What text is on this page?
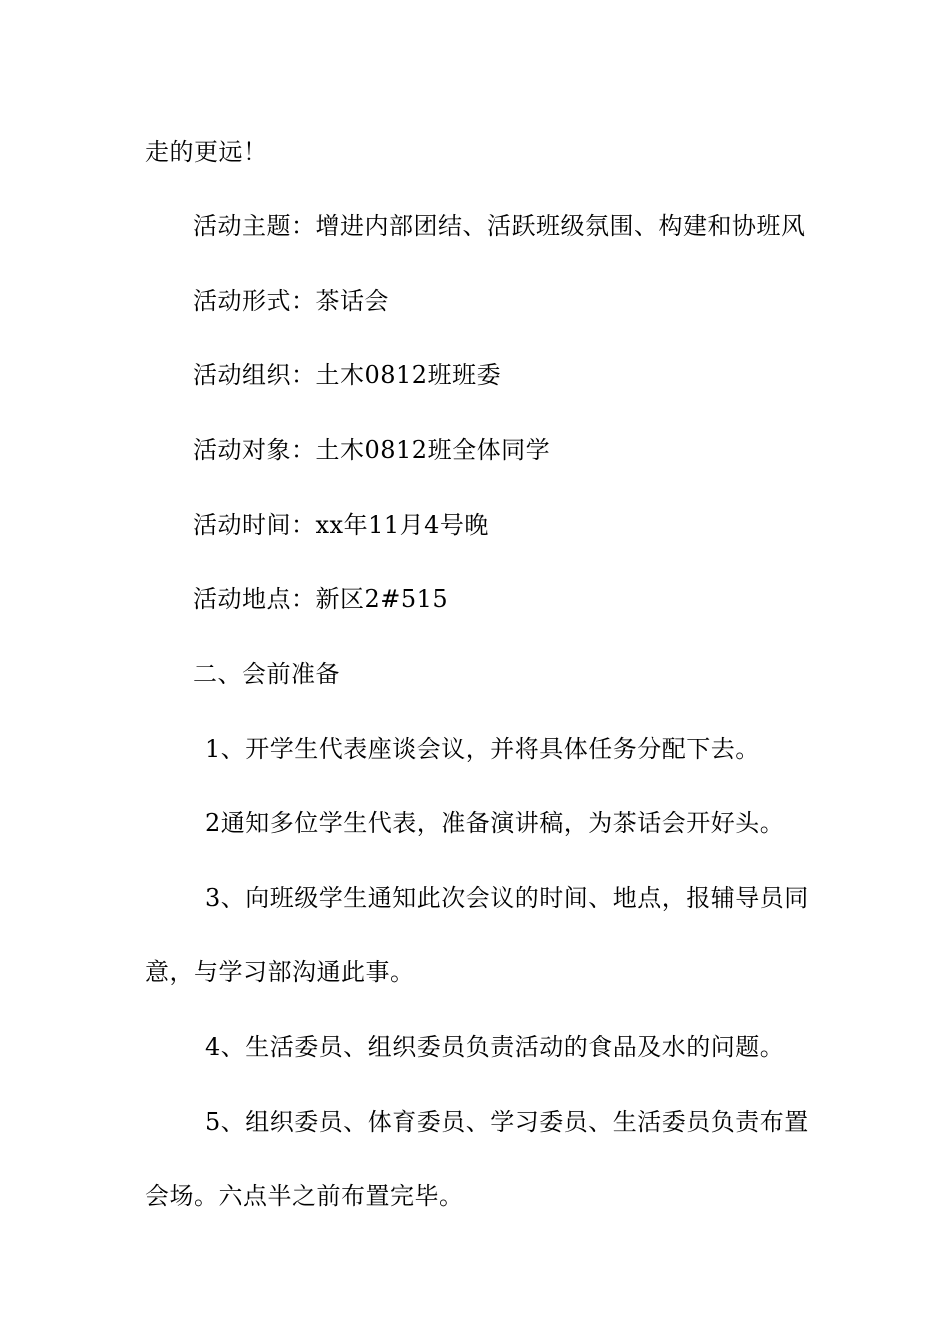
走的更远！
活动主题：增进内部团结、活跃班级氛围、构建和协班风
活动形式：茶话会
活动组织：土木0812班班委
活动对象：土木0812班全体同学
活动时间：xx年11月4号晚
活动地点：新区2#515
二、会前准备
1、开学生代表座谈会议，并将具体任务分配下去。
2通知多位学生代表，准备演讲稿，为茶话会开好头。
3、向班级学生通知此次会议的时间、地点，报辅导员同
意，与学习部沟通此事。
4、生活委员、组织委员负责活动的食品及水的问题。
5、组织委员、体育委员、学习委员、生活委员负责布置
会场。六点半之前布置完毕。
